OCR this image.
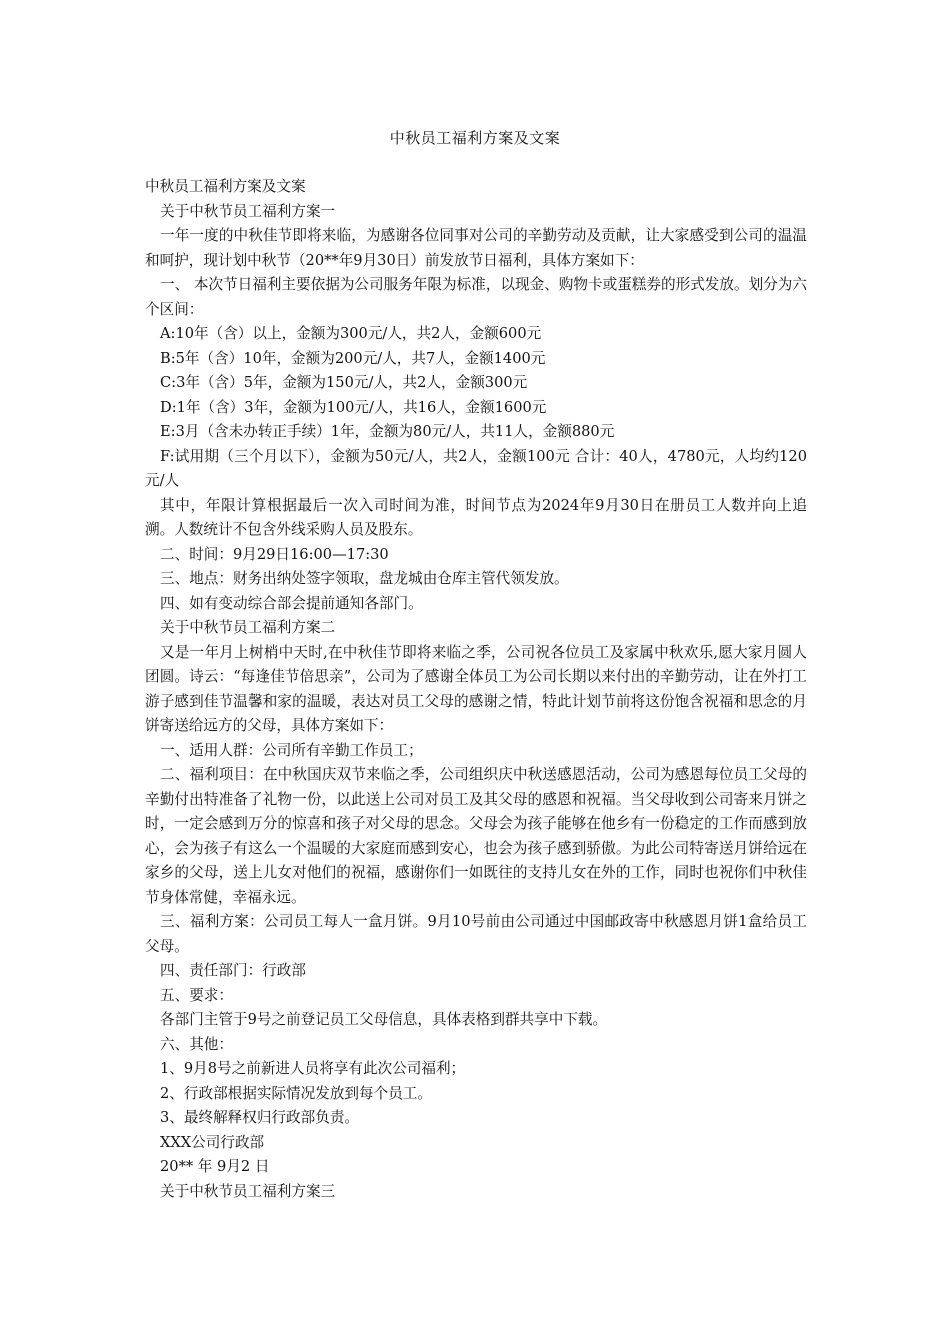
中秋员工福利方案及文案

中秋员工福利方案及文案

关于中秋节员工福利方案一

一年一度的中秋佳节即将来临，为感谢各位同事对公司的辛勤劳动及贡献，让大家感受到公司的温温和呵护，现计划中秋节（20**年9月30日）前发放节日福利，具体方案如下：

一、 本次节日福利主要依据为公司服务年限为标准，以现金、购物卡或蛋糕券的形式发放。划分为六个区间：

A:10年（含）以上，金额为300元/人，共2人，金额600元

B:5年（含）10年，金额为200元/人，共7人，金额1400元

C:3年（含）5年，金额为150元/人，共2人，金额300元

D:1年（含）3年，金额为100元/人，共16人，金额1600元

E:3月（含未办转正手续）1年，金额为80元/人，共11人，金额880元

F:试用期（三个月以下），金额为50元/人，共2人，金额100元 合计：40人，4780元，人均约120元/人

其中，年限计算根据最后一次入司时间为准，时间节点为2024年9月30日在册员工人数并向上追溯。人数统计不包含外线采购人员及股东。

二、时间：9月29日16:00—17:30

三、地点：财务出纳处签字领取，盘龙城由仓库主管代领发放。

四、如有变动综合部会提前通知各部门。

关于中秋节员工福利方案二

又是一年月上树梢中天时,在中秋佳节即将来临之季，公司祝各位员工及家属中秋欢乐,愿大家月圆人团圆。诗云：“每逢佳节倍思亲”，公司为了感谢全体员工为公司长期以来付出的辛勤劳动，让在外打工游子感到佳节温馨和家的温暖，表达对员工父母的感谢之情，特此计划节前将这份饱含祝福和思念的月饼寄送给远方的父母，具体方案如下：

一、适用人群：公司所有辛勤工作员工；

二、福利项目：在中秋国庆双节来临之季，公司组织庆中秋送感恩活动，公司为感恩每位员工父母的辛勤付出特准备了礼物一份，以此送上公司对员工及其父母的感恩和祝福。当父母收到公司寄来月饼之时，一定会感到万分的惊喜和孩子对父母的思念。父母会为孩子能够在他乡有一份稳定的工作而感到放心，会为孩子有这么一个温暖的大家庭而感到安心，也会为孩子感到骄傲。为此公司特寄送月饼给远在家乡的父母，送上儿女对他们的祝福，感谢你们一如既往的支持儿女在外的工作，同时也祝你们中秋佳节身体常健，幸福永远。

三、福利方案：公司员工每人一盒月饼。9月10号前由公司通过中国邮政寄中秋感恩月饼1盒给员工父母。

四、责任部门：行政部

五、要求：

各部门主管于9号之前登记员工父母信息，具体表格到群共享中下载。

六、其他：

1、9月8号之前新进人员将享有此次公司福利；

2、行政部根据实际情况发放到每个员工。

3、最终解释权归行政部负责。

XXX公司行政部

20** 年 9月2 日

关于中秋节员工福利方案三
